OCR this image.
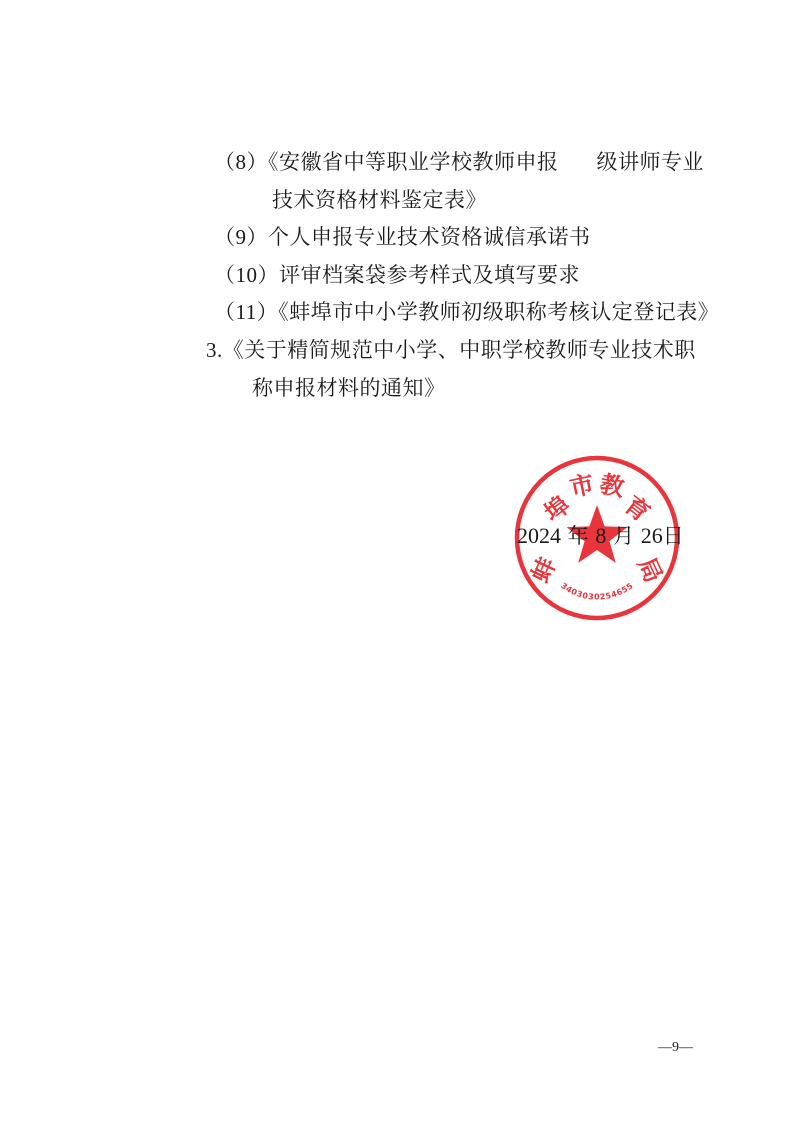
（8）《安徽省中等职业学校教师申报 级讲师专业
技术资格材料鉴定表》
（9）个人申报专业技术资格诚信承诺书
（10）评审档案袋参考样式及填写要求
（11）《蚌埠市中小学教师初级职称考核认定登记表》
3.《关于精简规范中小学、中职学校教师专业技术职
称申报材料的通知》
蚌
埠
市 教
育
局
3403030254655
2024 年 8 月 26日
—9—
